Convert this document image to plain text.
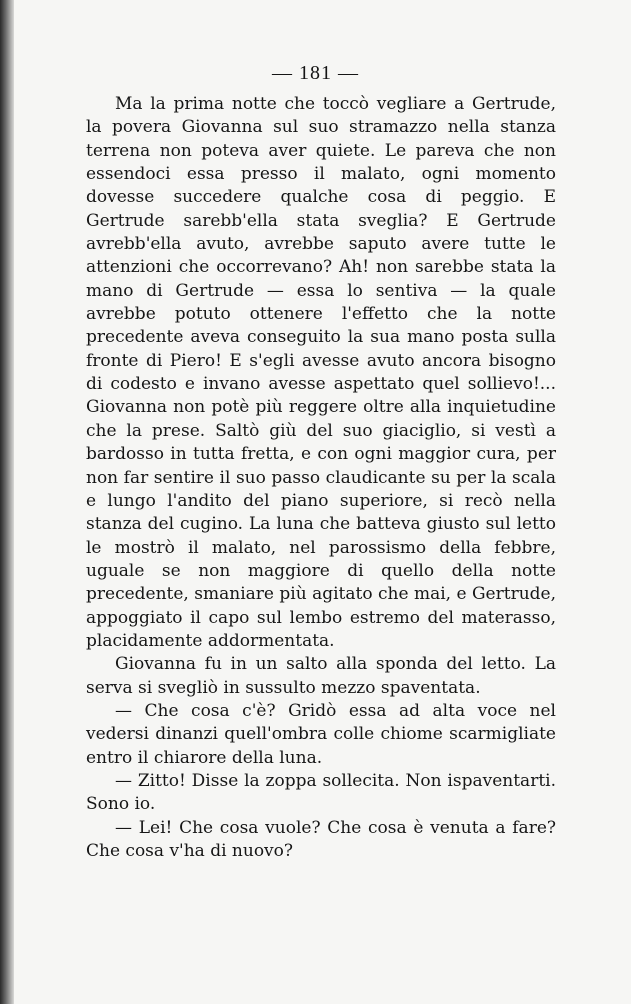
— 181 —

Ma la prima notte che toccò vegliare a Gertrude, la povera Giovanna sul suo stramazzo nella stanza terrena non poteva aver quiete. Le pareva che non essendoci essa presso il malato, ogni momento dovesse succedere qualche cosa di peggio. E Gertrude sarebb'ella stata sveglia? E Gertrude avrebb'ella avuto, avrebbe saputo avere tutte le attenzioni che occorrevano? Ah! non sarebbe stata la mano di Gertrude — essa lo sentiva — la quale avrebbe potuto ottenere l'effetto che la notte precedente aveva conseguito la sua mano posta sulla fronte di Piero! E s'egli avesse avuto ancora bisogno di codesto e invano avesse aspettato quel sollievo!... Giovanna non potè più reggere oltre alla inquietudine che la prese. Saltò giù del suo giaciglio, si vestì a bardosso in tutta fretta, e con ogni maggior cura, per non far sentire il suo passo claudicante su per la scala e lungo l'andito del piano superiore, si recò nella stanza del cugino. La luna che batteva giusto sul letto le mostrò il malato, nel parossismo della febbre, uguale se non maggiore di quello della notte precedente, smaniare più agitato che mai, e Gertrude, appoggiato il capo sul lembo estremo del materasso, placidamente addormentata.

Giovanna fu in un salto alla sponda del letto. La serva si svegliò in sussulto mezzo spaventata.

— Che cosa c'è? Gridò essa ad alta voce nel vedersi dinanzi quell'ombra colle chiome scarmigliate entro il chiarore della luna.

— Zitto! Disse la zoppa sollecita. Non ispaventarti. Sono io.

— Lei! Che cosa vuole? Che cosa è venuta a fare? Che cosa v'ha di nuovo?
